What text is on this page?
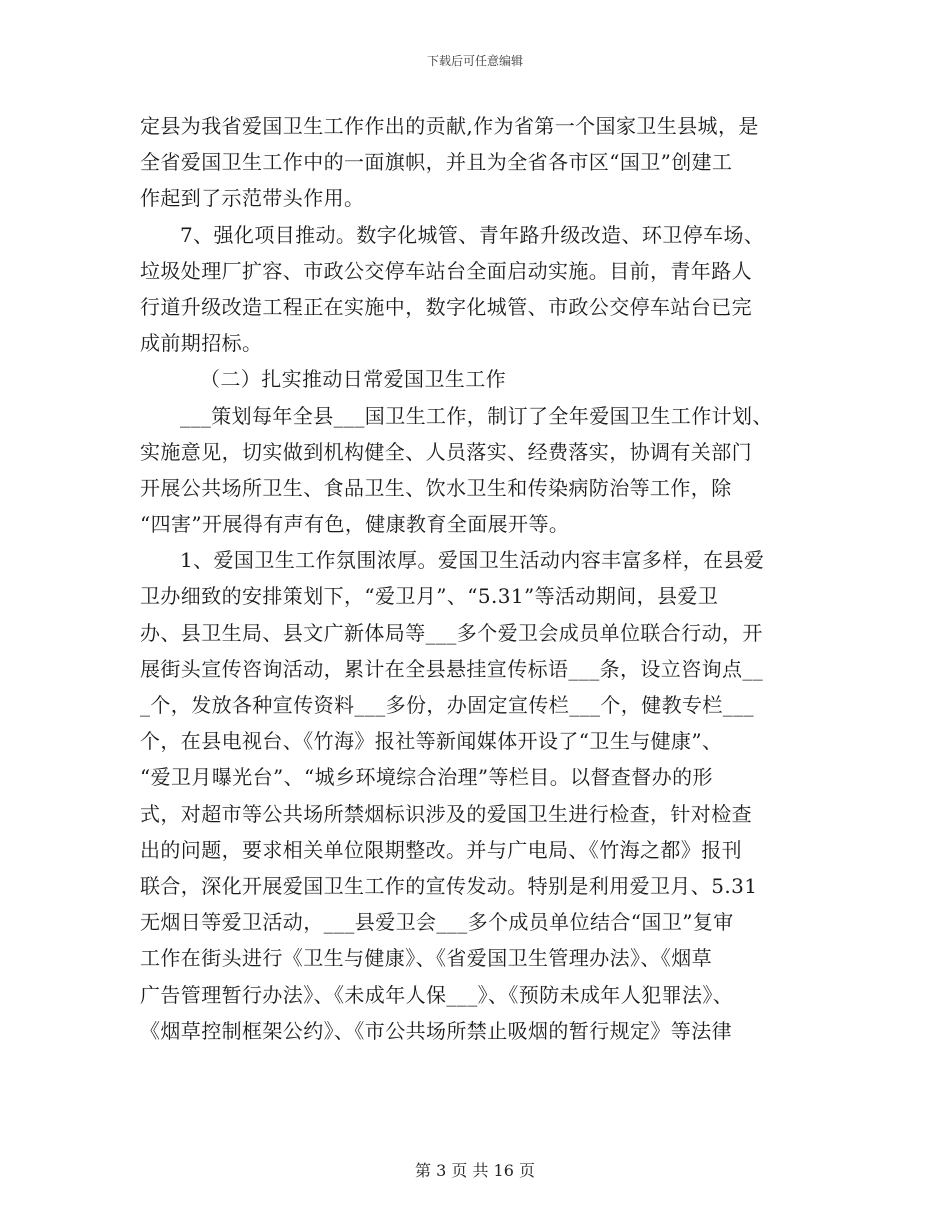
下载后可任意编辑
定县为我省爱国卫生工作作出的贡献,作为省第一个国家卫生县城，是
全省爱国卫生工作中的一面旗帜，并且为全省各市区“国卫”创建工
作起到了示范带头作用。
7、强化项目推动。数字化城管、青年路升级改造、环卫停车场、
垃圾处理厂扩容、市政公交停车站台全面启动实施。目前，青年路人
行道升级改造工程正在实施中，数字化城管、市政公交停车站台已完
成前期招标。
（二）扎实推动日常爱国卫生工作
___策划每年全县___国卫生工作，制订了全年爱国卫生工作计划、
实施意见，切实做到机构健全、人员落实、经费落实，协调有关部门
开展公共场所卫生、食品卫生、饮水卫生和传染病防治等工作，除
“四害”开展得有声有色，健康教育全面展开等。
1、爱国卫生工作氛围浓厚。爱国卫生活动内容丰富多样，在县爱
卫办细致的安排策划下，“爱卫月”、“5.31”等活动期间，县爱卫
办、县卫生局、县文广新体局等___多个爱卫会成员单位联合行动，开
展街头宣传咨询活动，累计在全县悬挂宣传标语___条，设立咨询点__
_个，发放各种宣传资料___多份，办固定宣传栏___个，健教专栏___
个，在县电视台、《竹海》报社等新闻媒体开设了“卫生与健康”、
“爱卫月曝光台”、“城乡环境综合治理”等栏目。以督查督办的形
式，对超市等公共场所禁烟标识涉及的爱国卫生进行检查，针对检查
出的问题，要求相关单位限期整改。并与广电局、《竹海之都》报刊
联合，深化开展爱国卫生工作的宣传发动。特别是利用爱卫月、5.31
无烟日等爱卫活动，___县爱卫会___多个成员单位结合“国卫”复审
工作在街头进行《卫生与健康》、《省爱国卫生管理办法》、《烟草
广告管理暂行办法》、《未成年人保___》、《预防未成年人犯罪法》、
《烟草控制框架公约》、《市公共场所禁止吸烟的暂行规定》等法律
第 3 页 共 16 页
